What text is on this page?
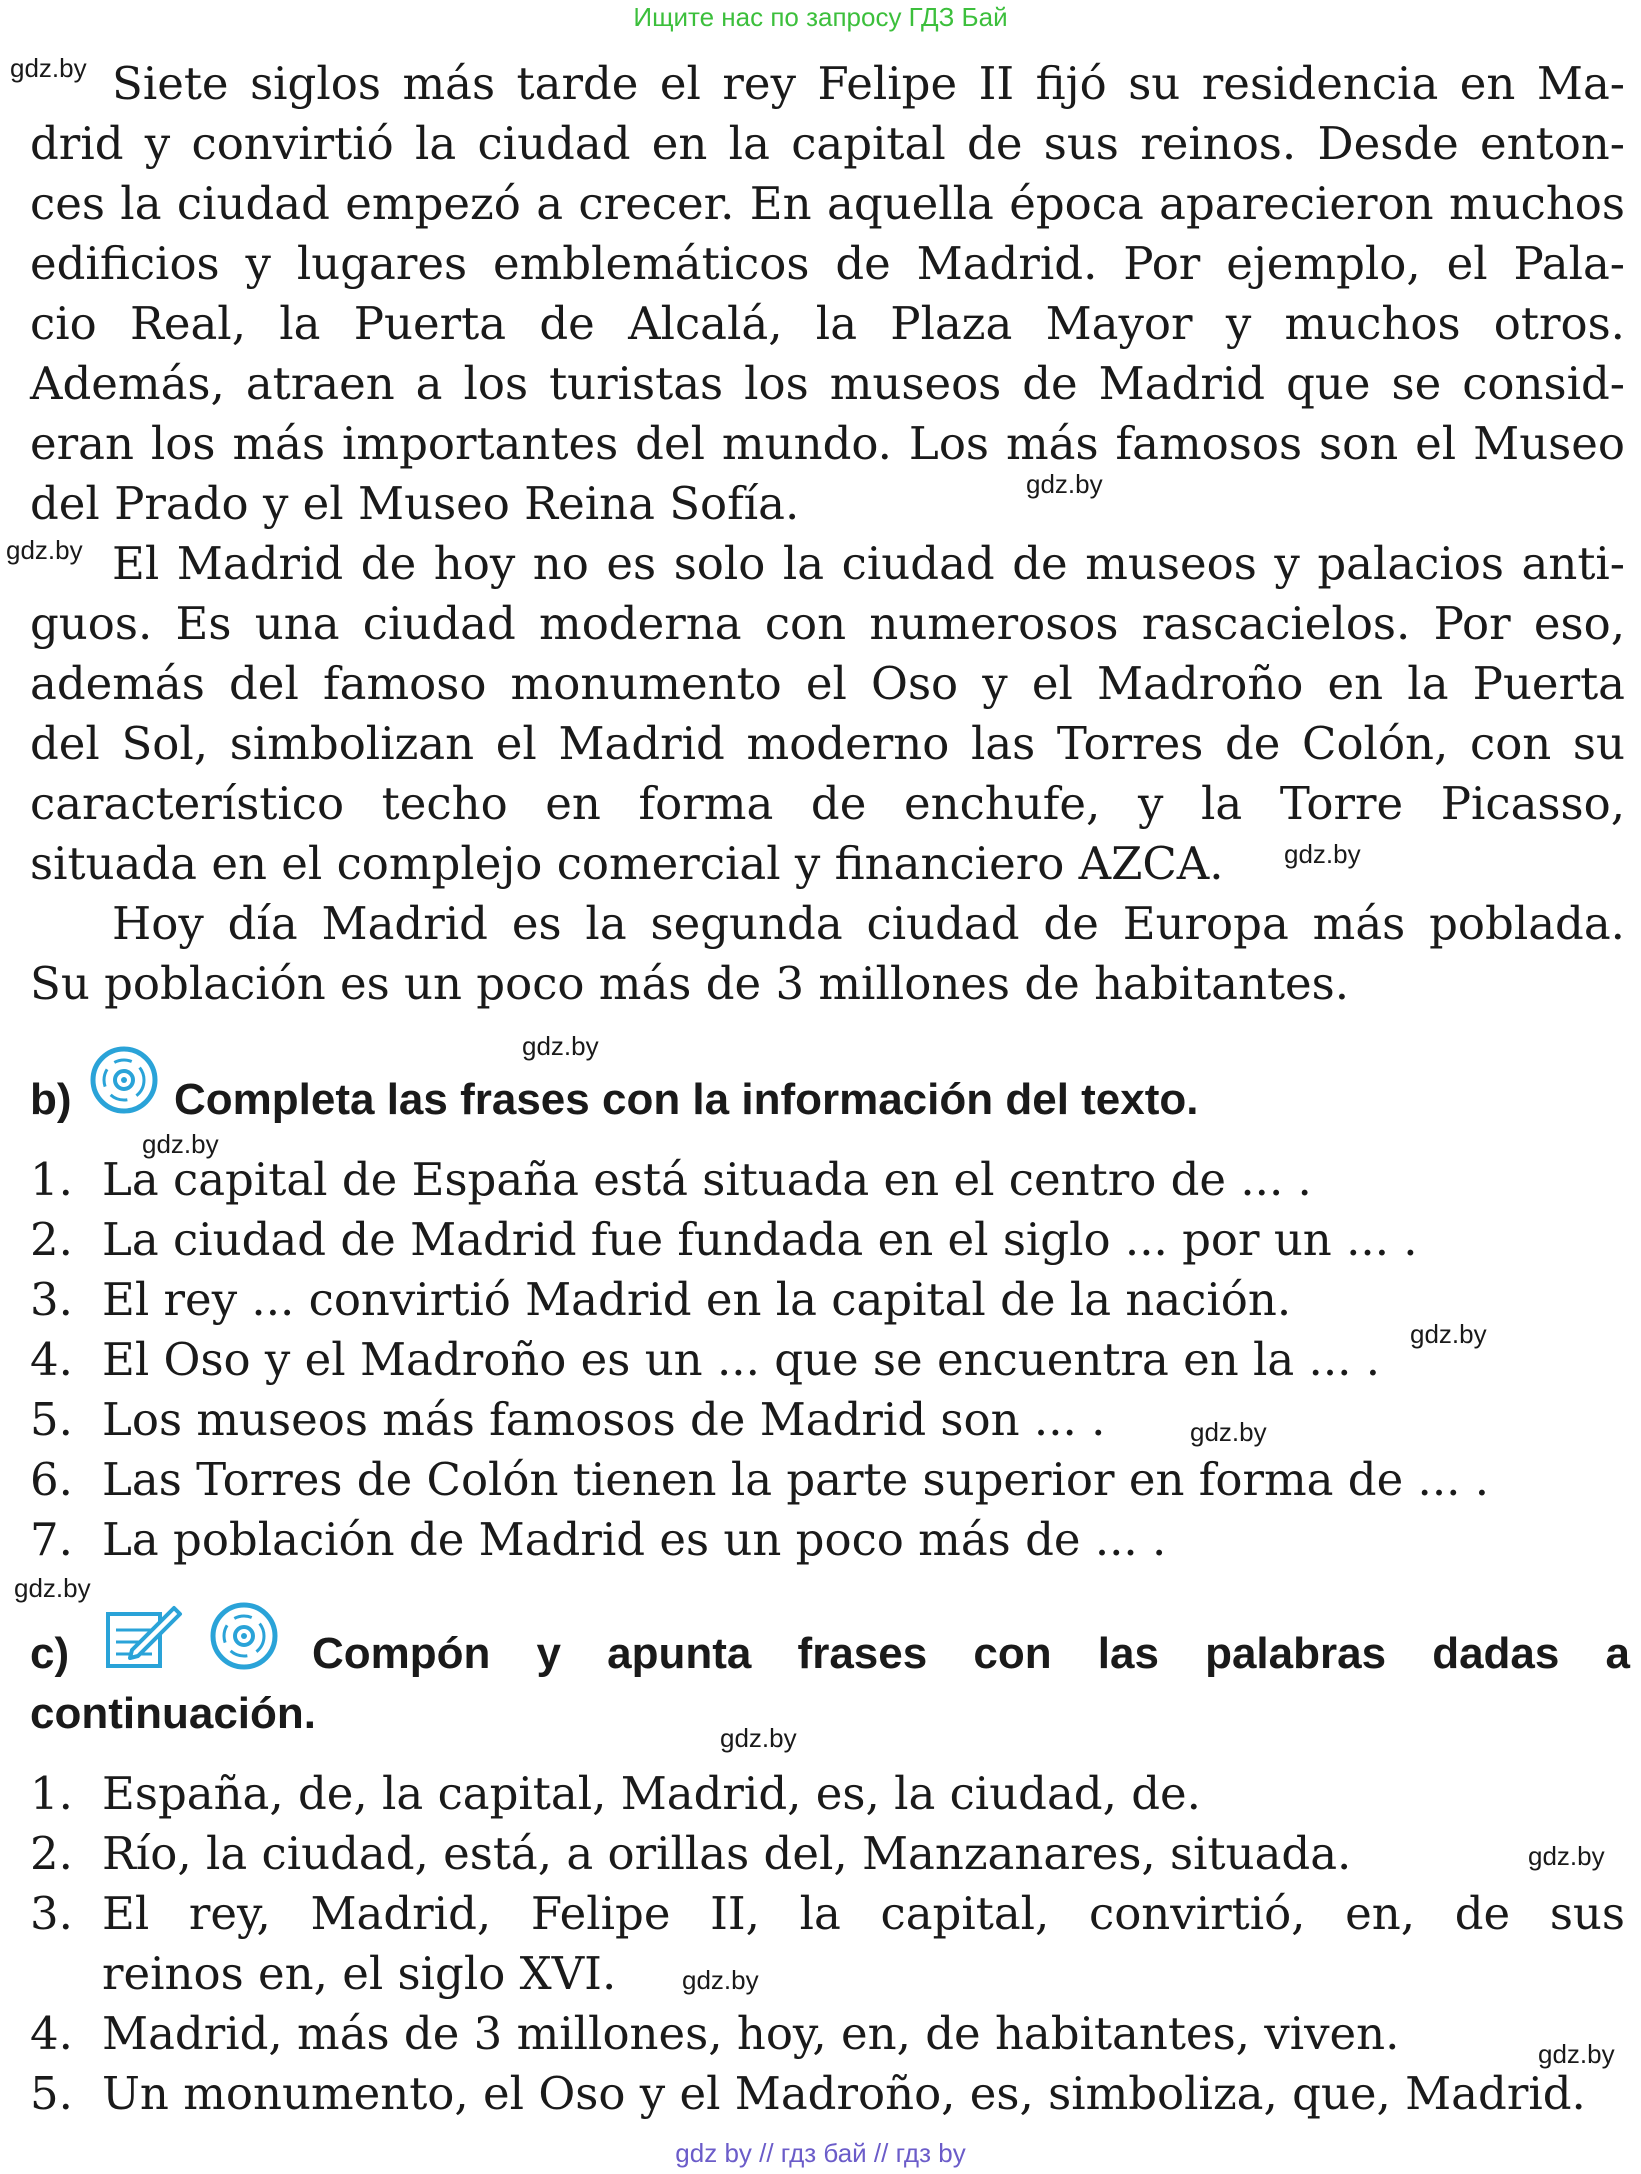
Ищите нас по запросу ГДЗ Бай
Siete siglos más tarde el rey Felipe II fijó su residencia en Ma-
drid y convirtió la ciudad en la capital de sus reinos. Desde enton-
ces la ciudad empezó a crecer. En aquella época aparecieron muchos
edificios y lugares emblemáticos de Madrid. Por ejemplo, el Pala-
cio Real, la Puerta de Alcalá, la Plaza Mayor y muchos otros.
Además, atraen a los turistas los museos de Madrid que se consid-
eran los más importantes del mundo. Los más famosos son el Museo
del Prado y el Museo Reina Sofía.
El Madrid de hoy no es solo la ciudad de museos y palacios anti-
guos. Es una ciudad moderna con numerosos rascacielos. Por eso,
además del famoso monumento el Oso y el Madroño en la Puerta
del Sol, simbolizan el Madrid moderno las Torres de Colón, con su
característico techo en forma de enchufe, y la Torre Picasso,
situada en el complejo comercial y financiero AZCA.
Hoy día Madrid es la segunda ciudad de Europa más poblada.
Su población es un poco más de 3 millones de habitantes.
b) Completa las frases con la información del texto.
1. La capital de España está situada en el centro de ... .
2. La ciudad de Madrid fue fundada en el siglo ... por un ... .
3. El rey ... convirtió Madrid en la capital de la nación.
4. El Oso y el Madroño es un ... que se encuentra en la ... .
5. Los museos más famosos de Madrid son ... .
6. Las Torres de Colón tienen la parte superior en forma de ... .
7. La población de Madrid es un poco más de ... .
c)	Compón y apunta frases con las palabras dadas a
continuación.
1. España, de, la capital, Madrid, es, la ciudad, de.
2. Río, la ciudad, está, a orillas del, Manzanares, situada.
3. El rey, Madrid, Felipe II, la capital, convirtió, en, de sus
reinos en, el siglo XVI.
4. Madrid, más de 3 millones, hoy, en, de habitantes, viven.
5. Un monumento, el Oso y el Madroño, es, simboliza, que, Madrid.
gdz.by
gdz.by
gdz.by
gdz.by
gdz.by
gdz.by
gdz.by
gdz.by
gdz.by
gdz.by
gdz.by
gdz.by
gdz.by
gdz by // гдз бай // гдз by
